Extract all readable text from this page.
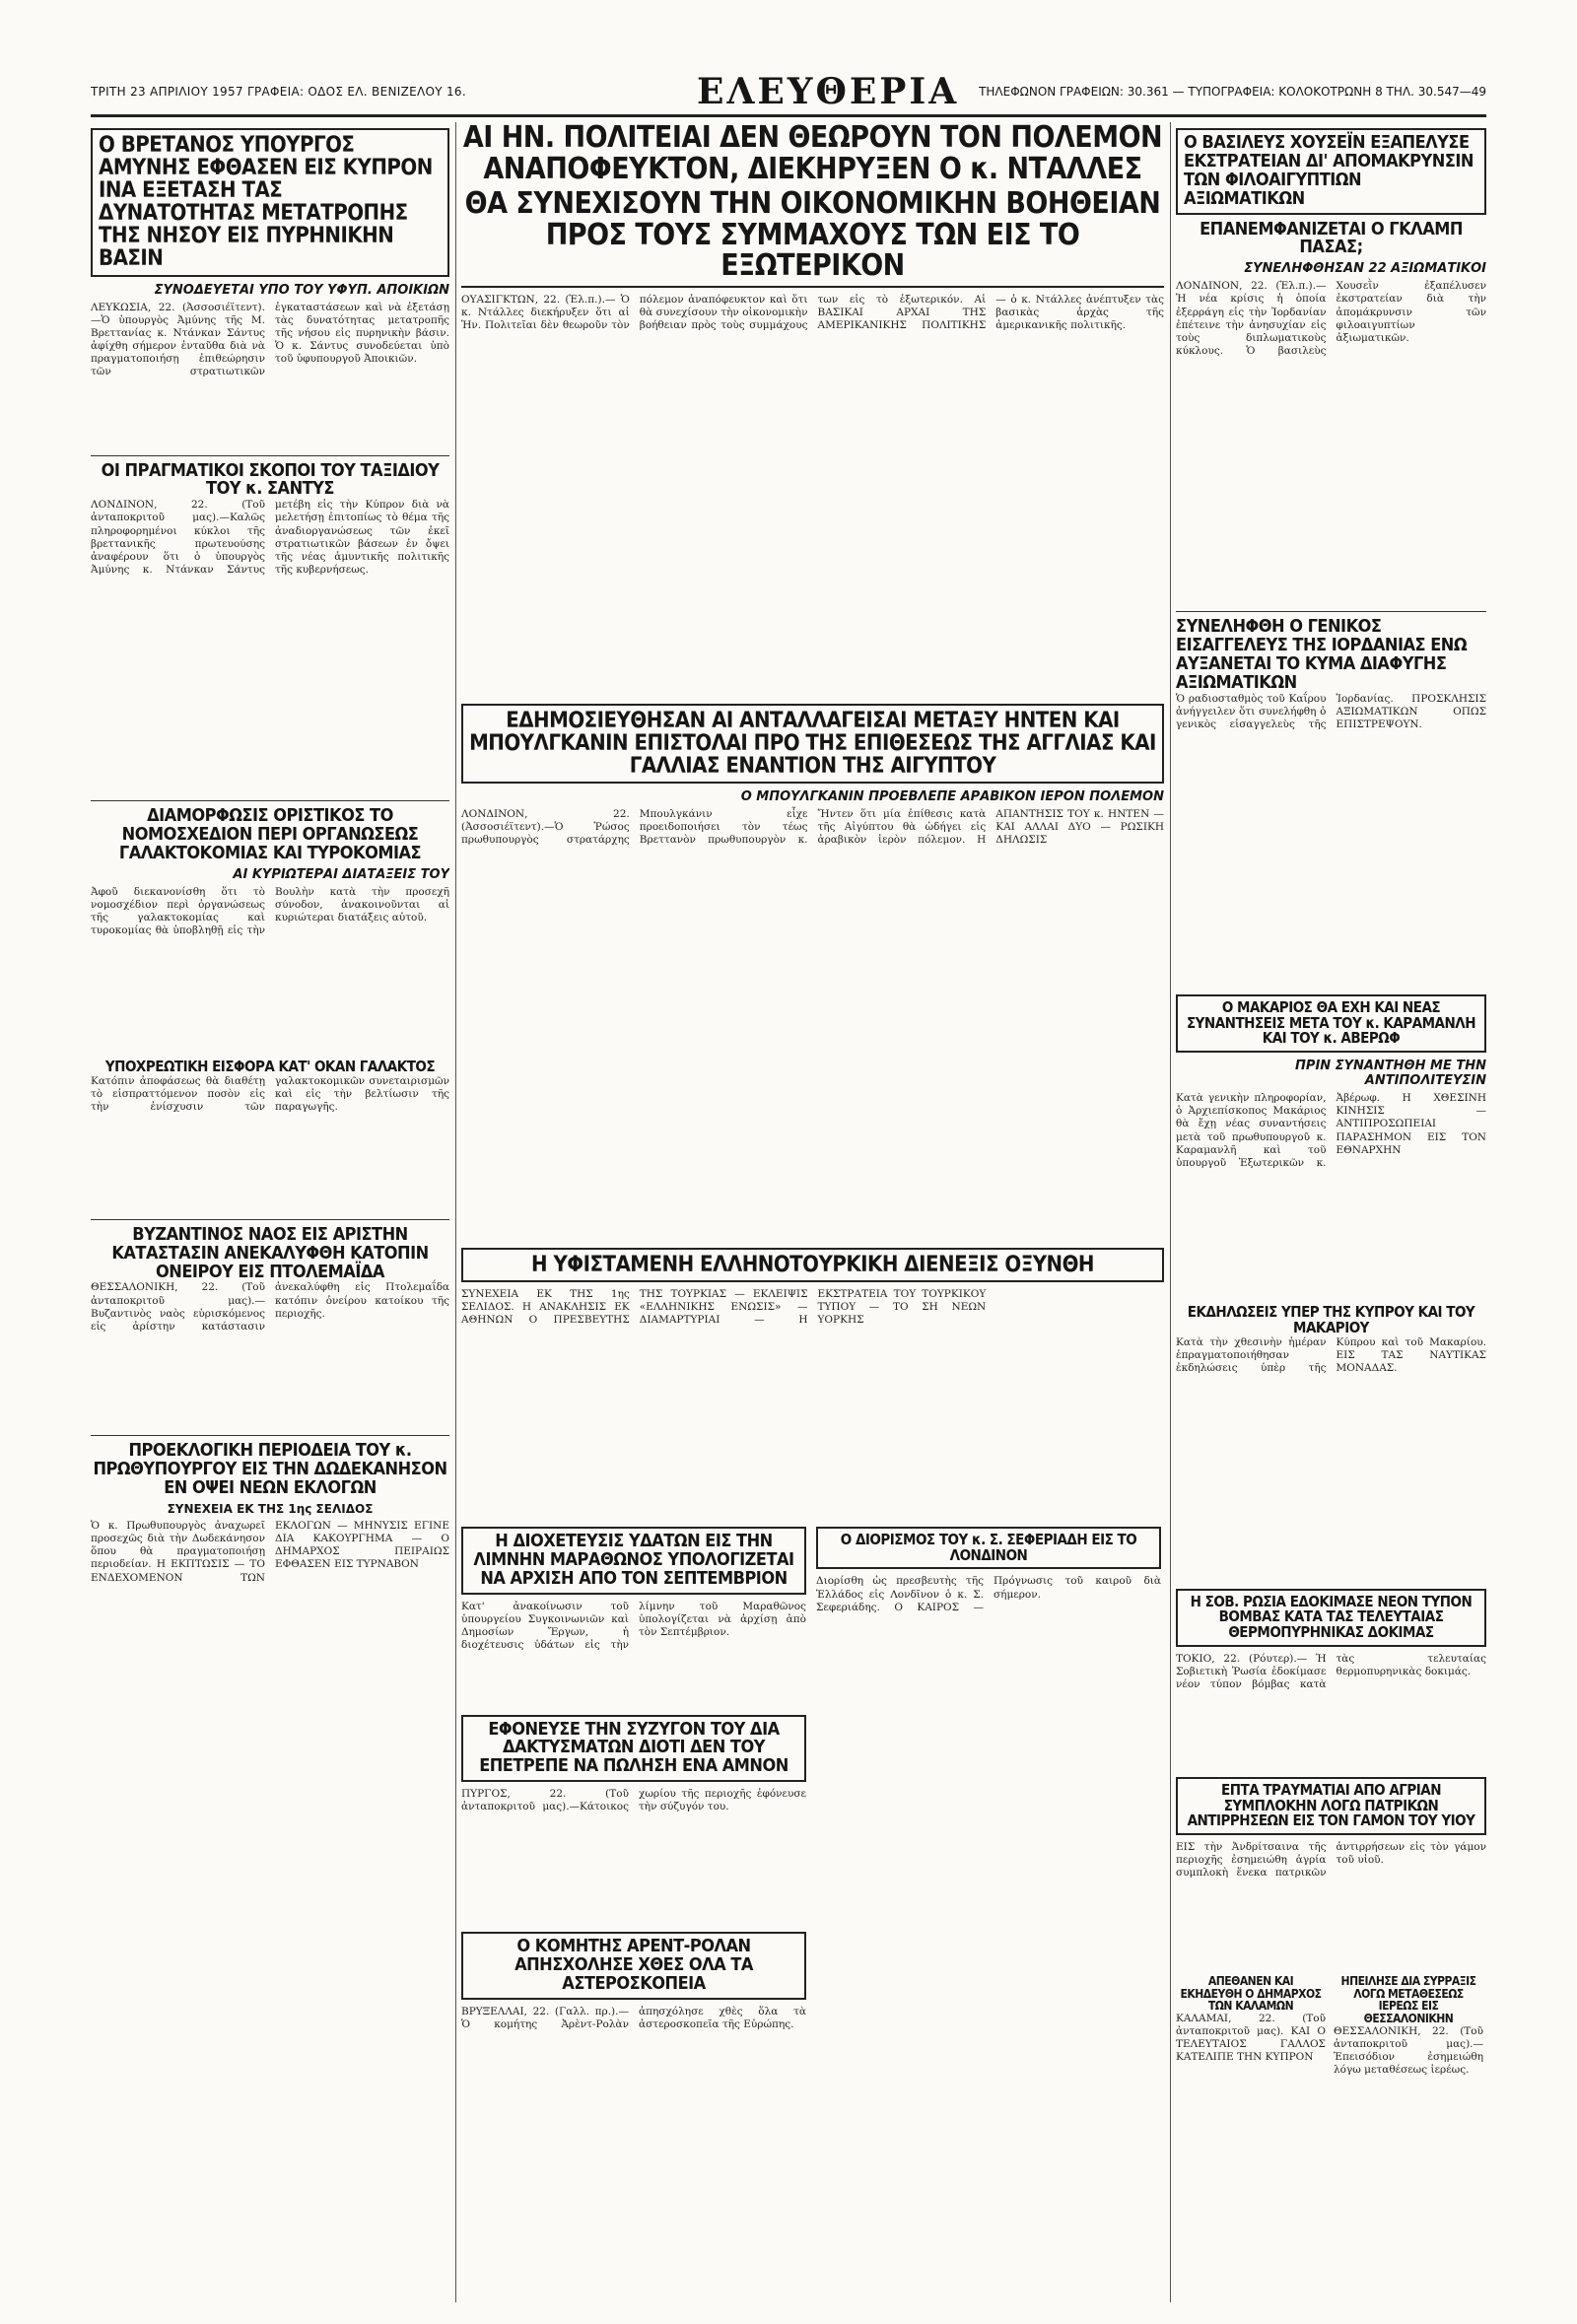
ΤΡΙΤΗ 23 ΑΠΡΙΛΙΟΥ 1957 ΓΡΑΦΕΙΑ: ΟΔΟΣ ΕΛ. ΒΕΝΙΖΕΛΟΥ 16.	ΕΛΕΥΘΕΡΙΑ ΤΗΛΕΦΩΝΟΝ ΓΡΑΦΕΙΩΝ: 30.361 — ΤΥΠΟΓΡΑΦΕΙΑ: ΚΟΛΟΚΟΤΡΩΝΗ 8 ΤΗΛ. 30.547—49
Ο ΒΡΕΤΑΝΟΣ ΥΠΟΥΡΓΟΣ ΑΜΥΝΗΣ ΕΦΘΑΣΕΝ ΕΙΣ ΚΥΠΡΟΝ ΙΝΑ ΕΞΕΤΑΣΗ ΤΑΣ ΔΥΝΑΤΟΤΗΤΑΣ ΜΕΤΑΤΡΟΠΗΣ ΤΗΣ ΝΗΣΟΥ ΕΙΣ ΠΥΡΗΝΙΚΗΝ ΒΑΣΙΝ
ΣΥΝΟΔΕΥΕΤΑΙ ΥΠΟ ΤΟΥ ΥΦΥΠ. ΑΠΟΙΚΙΩΝ
ΛΕΥΚΩΣΙΑ, 22. (Ἀσσοσιέϊτεντ).—Ὁ ὑπουργὸς Ἀμύνης τῆς Μ. Βρεττανίας κ. Ντάνκαν Σάντυς ἀφίχθη σήμερον ἐνταῦθα διὰ νὰ πραγματοποιήσῃ ἐπιθεώρησιν τῶν στρατιωτικῶν ἐγκαταστάσεων καὶ νὰ ἐξετάσῃ τὰς δυνατότητας μετατροπῆς τῆς νήσου εἰς πυρηνικὴν βάσιν. Ὁ κ. Σάντυς συνοδεύεται ὑπὸ τοῦ ὑφυπουργοῦ Ἀποικιῶν.
ΟΙ ΠΡΑΓΜΑΤΙΚΟΙ ΣΚΟΠΟΙ ΤΟΥ ΤΑΞΙΔΙΟΥ ΤΟΥ κ. ΣΑΝΤΥΣ
ΛΟΝΔΙΝΟΝ, 22. (Τοῦ ἀνταποκριτοῦ μας).—Καλῶς πληροφορημένοι κύκλοι τῆς βρεττανικῆς πρωτευούσης ἀναφέρουν ὅτι ὁ ὑπουργὸς Ἀμύνης κ. Ντάνκαν Σάντυς μετέβη εἰς τὴν Κύπρον διὰ νὰ μελετήσῃ ἐπιτοπίως τὸ θέμα τῆς ἀναδιοργανώσεως τῶν ἐκεῖ στρατιωτικῶν βάσεων ἐν ὄψει τῆς νέας ἀμυντικῆς πολιτικῆς τῆς κυβερνήσεως.
ΔΙΑΜΟΡΦΩΣΙΣ ΟΡΙΣΤΙΚΟΣ ΤΟ ΝΟΜΟΣΧΕΔΙΟΝ ΠΕΡΙ ΟΡΓΑΝΩΣΕΩΣ ΓΑΛΑΚΤΟΚΟΜΙΑΣ ΚΑΙ ΤΥΡΟΚΟΜΙΑΣ
ΑΙ ΚΥΡΙΩΤΕΡΑΙ ΔΙΑΤΑΞΕΙΣ ΤΟΥ
Ἀφοῦ διεκανονίσθη ὅτι τὸ νομοσχέδιον περὶ ὀργανώσεως τῆς γαλακτοκομίας καὶ τυροκομίας θὰ ὑποβληθῇ εἰς τὴν Βουλὴν κατὰ τὴν προσεχῆ σύνοδον, ἀνακοινοῦνται αἱ κυριώτεραι διατάξεις αὐτοῦ.
ΥΠΟΧΡΕΩΤΙΚΗ ΕΙΣΦΟΡΑ ΚΑΤ' ΟΚΑΝ ΓΑΛΑΚΤΟΣ
Κατόπιν ἀποφάσεως θὰ διαθέτῃ τὸ εἰσπραττόμενον ποσὸν εἰς τὴν ἐνίσχυσιν τῶν γαλακτοκομικῶν συνεταιρισμῶν καὶ εἰς τὴν βελτίωσιν τῆς παραγωγῆς.
ΒΥΖΑΝΤΙΝΟΣ ΝΑΟΣ ΕΙΣ ΑΡΙΣΤΗΝ ΚΑΤΑΣΤΑΣΙΝ ΑΝΕΚΑΛΥΦΘΗ ΚΑΤΟΠΙΝ ΟΝΕΙΡΟΥ ΕΙΣ ΠΤΟΛΕΜΑΪΔΑ
ΘΕΣΣΑΛΟΝΙΚΗ, 22. (Τοῦ ἀνταποκριτοῦ μας).—Βυζαντινὸς ναὸς εὑρισκόμενος εἰς ἀρίστην κατάστασιν ἀνεκαλύφθη εἰς Πτολεμαΐδα κατόπιν ὀνείρου κατοίκου τῆς περιοχῆς.
ΠΡΟΕΚΛΟΓΙΚΗ ΠΕΡΙΟΔΕΙΑ ΤΟΥ κ. ΠΡΩΘΥΠΟΥΡΓΟΥ ΕΙΣ ΤΗΝ ΔΩΔΕΚΑΝΗΣΟΝ ΕΝ ΟΨΕΙ ΝΕΩΝ ΕΚΛΟΓΩΝ
ΣΥΝΕΧΕΙΑ ΕΚ ΤΗΣ 1ης ΣΕΛΙΔΟΣ
Ὁ κ. Πρωθυπουργὸς ἀναχωρεῖ προσεχῶς διὰ τὴν Δωδεκάνησον ὅπου θὰ πραγματοποιήσῃ περιοδείαν. Η ΕΚΠΤΩΣΙΣ — ΤΟ ΕΝΔΕΧΟΜΕΝΟΝ ΤΩΝ ΕΚΛΟΓΩΝ — ΜΗΝΥΣΙΣ ΕΓΙΝΕ ΔΙΑ ΚΑΚΟΥΡΓΗΜΑ — Ο ΔΗΜΑΡΧΟΣ ΠΕΙΡΑΙΩΣ ΕΦΘΑΣΕΝ ΕΙΣ ΤΥΡΝΑΒΟΝ
ΑΙ ΗΝ. ΠΟΛΙΤΕΙΑΙ ΔΕΝ ΘΕΩΡΟΥΝ ΤΟΝ ΠΟΛΕΜΟΝ ΑΝΑΠΟΦΕΥΚΤΟΝ, ΔΙΕΚΗΡΥΞΕΝ Ο κ. ΝΤΑΛΛΕΣ
ΘΑ ΣΥΝΕΧΙΣΟΥΝ ΤΗΝ ΟΙΚΟΝΟΜΙΚΗΝ ΒΟΗΘΕΙΑΝ ΠΡΟΣ ΤΟΥΣ ΣΥΜΜΑΧΟΥΣ ΤΩΝ ΕΙΣ ΤΟ ΕΞΩΤΕΡΙΚΟΝ
ΟΥΑΣΙΓΚΤΩΝ, 22. (Ἑλ.π.).— Ὁ κ. Ντάλλες διεκήρυξεν ὅτι αἱ Ἡν. Πολιτεῖαι δὲν θεωροῦν τὸν πόλεμον ἀναπόφευκτον καὶ ὅτι θὰ συνεχίσουν τὴν οἰκονομικὴν βοήθειαν πρὸς τοὺς συμμάχους των εἰς τὸ ἐξωτερικόν. Αἱ ΒΑΣΙΚΑΙ ΑΡΧΑΙ ΤΗΣ ΑΜΕΡΙΚΑΝΙΚΗΣ ΠΟΛΙΤΙΚΗΣ — ὁ κ. Ντάλλες ἀνέπτυξεν τὰς βασικὰς ἀρχὰς τῆς ἀμερικανικῆς πολιτικῆς.
ΕΔΗΜΟΣΙΕΥΘΗΣΑΝ ΑΙ ΑΝΤΑΛΛΑΓΕΙΣΑΙ ΜΕΤΑΞΥ ΗΝΤΕΝ ΚΑΙ ΜΠΟΥΛΓΚΑΝΙΝ ΕΠΙΣΤΟΛΑΙ ΠΡΟ ΤΗΣ ΕΠΙΘΕΣΕΩΣ ΤΗΣ ΑΓΓΛΙΑΣ ΚΑΙ ΓΑΛΛΙΑΣ ΕΝΑΝΤΙΟΝ ΤΗΣ ΑΙΓΥΠΤΟΥ
Ο ΜΠΟΥΛΓΚΑΝΙΝ ΠΡΟΕΒΛΕΠΕ ΑΡΑΒΙΚΟΝ ΙΕΡΟΝ ΠΟΛΕΜΟΝ
ΛΟΝΔΙΝΟΝ, 22. (Ἀσσοσιέϊτεντ).—Ὁ Ῥώσος πρωθυπουργὸς στρατάρχης Μπουλγκάνιν εἶχε προειδοποιήσει τὸν τέως Βρεττανὸν πρωθυπουργὸν κ. Ἤντεν ὅτι μία ἐπίθεσις κατὰ τῆς Αἰγύπτου θὰ ὡδήγει εἰς ἀραβικὸν ἱερὸν πόλεμον. Η ΑΠΑΝΤΗΣΙΣ ΤΟΥ κ. ΗΝΤΕΝ — ΚΑΙ ΑΛΛΑΙ ΔΥΟ — ΡΩΣΙΚΗ ΔΗΛΩΣΙΣ
Η ΥΦΙΣΤΑΜΕΝΗ ΕΛΛΗΝΟΤΟΥΡΚΙΚΗ ΔΙΕΝΕΞΙΣ ΟΞΥΝΘΗ
ΣΥΝΕΧΕΙΑ ΕΚ ΤΗΣ 1ης ΣΕΛΙΔΟΣ. Η ΑΝΑΚΛΗΣΙΣ ΕΚ ΑΘΗΝΩΝ Ο ΠΡΕΣΒΕΥΤΗΣ ΤΗΣ ΤΟΥΡΚΙΑΣ — ΕΚΛΕΙΨΙΣ «ΕΛΛΗΝΙΚΗΣ ΕΝΩΣΙΣ» — ΔΙΑΜΑΡΤΥΡΙΑΙ — Η ΕΚΣΤΡΑΤΕΙΑ ΤΟΥ ΤΟΥΡΚΙΚΟΥ ΤΥΠΟΥ — ΤΟ ΣΗ ΝΕΩΝ ΥΟΡΚΗΣ
Η ΔΙΟΧΕΤΕΥΣΙΣ ΥΔΑΤΩΝ ΕΙΣ ΤΗΝ ΛΙΜΝΗΝ ΜΑΡΑΘΩΝΟΣ ΥΠΟΛΟΓΙΖΕΤΑΙ ΝΑ ΑΡΧΙΣΗ ΑΠΟ ΤΟΝ ΣΕΠΤΕΜΒΡΙΟΝ
Κατ' ἀνακοίνωσιν τοῦ ὑπουργείου Συγκοινωνιῶν καὶ Δημοσίων Ἔργων, ἡ διοχέτευσις ὑδάτων εἰς τὴν λίμνην τοῦ Μαραθῶνος ὑπολογίζεται νὰ ἀρχίσῃ ἀπὸ τὸν Σεπτέμβριον.
ΕΦΟΝΕΥΣΕ ΤΗΝ ΣΥΖΥΓΟΝ ΤΟΥ ΔΙΑ ΔΑΚΤΥΣΜΑΤΩΝ ΔΙΟΤΙ ΔΕΝ ΤΟΥ ΕΠΕΤΡΕΠΕ ΝΑ ΠΩΛΗΣΗ ΕΝΑ ΑΜΝΟΝ
ΠΥΡΓΟΣ, 22. (Τοῦ ἀνταποκριτοῦ μας).—Κάτοικος χωρίου τῆς περιοχῆς ἐφόνευσε τὴν σύζυγόν του.
Ο ΚΟΜΗΤΗΣ ΑΡΕΝΤ-ΡΟΛΑΝ ΑΠΗΣΧΟΛΗΣΕ ΧΘΕΣ ΟΛΑ ΤΑ ΑΣΤΕΡΟΣΚΟΠΕΙΑ
ΒΡΥΞΕΛΛΑΙ, 22. (Γαλλ. πρ.).—Ὁ κομήτης Ἀρὲντ-Ρολὰν ἀπησχόλησε χθὲς ὅλα τὰ ἀστεροσκοπεῖα τῆς Εὐρώπης.
Ο ΔΙΟΡΙΣΜΟΣ ΤΟΥ κ. Σ. ΣΕΦΕΡΙΑΔΗ ΕΙΣ ΤΟ ΛΟΝΔΙΝΟΝ
Διορίσθη ὡς πρεσβευτὴς τῆς Ἑλλάδος εἰς Λονδῖνον ὁ κ. Σ. Σεφεριάδης. Ο ΚΑΙΡΟΣ — Πρόγνωσις τοῦ καιροῦ διὰ σήμερον.
Ο ΒΑΣΙΛΕΥΣ ΧΟΥΣΕΪΝ ΕΞΑΠΕΛΥΣΕ ΕΚΣΤΡΑΤΕΙΑΝ ΔΙ' ΑΠΟΜΑΚΡΥΝΣΙΝ ΤΩΝ ΦΙΛΟΑΙΓΥΠΤΙΩΝ ΑΞΙΩΜΑΤΙΚΩΝ
ΕΠΑΝΕΜΦΑΝΙΖΕΤΑΙ Ο ΓΚΛΑΜΠ ΠΑΣΑΣ;
ΣΥΝΕΛΗΦΘΗΣΑΝ 22 ΑΞΙΩΜΑΤΙΚΟΙ
ΛΟΝΔΙΝΟΝ, 22. (Ἑλ.π.).— Ἡ νέα κρίσις ἡ ὁποία ἐξερράγη εἰς τὴν Ἰορδανίαν ἐπέτεινε τὴν ἀνησυχίαν εἰς τοὺς διπλωματικοὺς κύκλους. Ὁ βασιλεὺς Χουσεῒν ἐξαπέλυσεν ἐκστρατείαν διὰ τὴν ἀπομάκρυνσιν τῶν φιλοαιγυπτίων ἀξιωματικῶν.
ΣΥΝΕΛΗΦΘΗ Ο ΓΕΝΙΚΟΣ ΕΙΣΑΓΓΕΛΕΥΣ ΤΗΣ ΙΟΡΔΑΝΙΑΣ ΕΝΩ ΑΥΞΑΝΕΤΑΙ ΤΟ ΚΥΜΑ ΔΙΑΦΥΓΗΣ ΑΞΙΩΜΑΤΙΚΩΝ
Ὁ ραδιοσταθμὸς τοῦ Καΐρου ἀνήγγειλεν ὅτι συνελήφθη ὁ γενικὸς εἰσαγγελεὺς τῆς Ἰορδανίας. ΠΡΟΣΚΛΗΣΙΣ ΑΞΙΩΜΑΤΙΚΩΝ ΟΠΩΣ ΕΠΙΣΤΡΕΨΟΥΝ.
Ο ΜΑΚΑΡΙΟΣ ΘΑ ΕΧΗ ΚΑΙ ΝΕΑΣ ΣΥΝΑΝΤΗΣΕΙΣ ΜΕΤΑ ΤΟΥ κ. ΚΑΡΑΜΑΝΛΗ ΚΑΙ ΤΟΥ κ. ΑΒΕΡΩΦ
ΠΡΙΝ ΣΥΝΑΝΤΗΘΗ ΜΕ ΤΗΝ ΑΝΤΙΠΟΛΙΤΕΥΣΙΝ
Κατὰ γενικὴν πληροφορίαν, ὁ Ἀρχιεπίσκοπος Μακάριος θὰ ἔχῃ νέας συναντήσεις μετὰ τοῦ πρωθυπουργοῦ κ. Καραμανλῆ καὶ τοῦ ὑπουργοῦ Ἐξωτερικῶν κ. Ἀβέρωφ. Η ΧΘΕΣΙΝΗ ΚΙΝΗΣΙΣ — ΑΝΤΙΠΡΟΣΩΠΕΙΑΙ ΠΑΡΑΣΗΜΟΝ ΕΙΣ ΤΟΝ ΕΘΝΑΡΧΗΝ
ΕΚΔΗΛΩΣΕΙΣ ΥΠΕΡ ΤΗΣ ΚΥΠΡΟΥ ΚΑΙ ΤΟΥ ΜΑΚΑΡΙΟΥ
Κατὰ τὴν χθεσινὴν ἡμέραν ἐπραγματοποιήθησαν ἐκδηλώσεις ὑπὲρ τῆς Κύπρου καὶ τοῦ Μακαρίου. ΕΙΣ ΤΑΣ ΝΑΥΤΙΚΑΣ ΜΟΝΑΔΑΣ.
Η ΣΟΒ. ΡΩΣΙΑ ΕΔΟΚΙΜΑΣΕ ΝΕΟΝ ΤΥΠΟΝ ΒΟΜΒΑΣ ΚΑΤΑ ΤΑΣ ΤΕΛΕΥΤΑΙΑΣ ΘΕΡΜΟΠΥΡΗΝΙΚΑΣ ΔΟΚΙΜΑΣ
ΤΟΚΙΟ, 22. (Ρόυτερ).— Ἡ Σοβιετικὴ Ῥωσία ἐδοκίμασε νέον τύπον βόμβας κατὰ τὰς τελευταίας θερμοπυρηνικὰς δοκιμάς.
ΕΠΤΑ ΤΡΑΥΜΑΤΙΑΙ ΑΠΟ ΑΓΡΙΑΝ ΣΥΜΠΛΟΚΗΝ ΛΟΓΩ ΠΑΤΡΙΚΩΝ ΑΝΤΙΡΡΗΣΕΩΝ ΕΙΣ ΤΟΝ ΓΑΜΟΝ ΤΟΥ ΥΙΟΥ
ΕΙΣ τὴν Ἀνδρίτσαινα τῆς περιοχῆς ἐσημειώθη ἀγρία συμπλοκὴ ἕνεκα πατρικῶν ἀντιρρήσεων εἰς τὸν γάμον τοῦ υἱοῦ.
ΑΠΕΘΑΝΕΝ ΚΑΙ ΕΚΗΔΕΥΘΗ Ο ΔΗΜΑΡΧΟΣ ΤΩΝ ΚΑΛΑΜΩΝ
ΚΑΛΑΜΑΙ, 22. (Τοῦ ἀνταποκριτοῦ μας). ΚΑΙ Ο ΤΕΛΕΥΤΑΙΟΣ ΓΑΛΛΟΣ ΚΑΤΕΛΙΠΕ ΤΗΝ ΚΥΠΡΟΝ
ΗΠΕΙΛΗΣΕ ΔΙΑ ΣΥΡΡΑΞΙΣ ΛΟΓΩ ΜΕΤΑΘΕΣΕΩΣ ΙΕΡΕΩΣ ΕΙΣ ΘΕΣΣΑΛΟΝΙΚΗΝ
ΘΕΣΣΑΛΟΝΙΚΗ, 22. (Τοῦ ἀνταποκριτοῦ μας).—Ἐπεισόδιον ἐσημειώθη λόγω μεταθέσεως ἱερέως.
